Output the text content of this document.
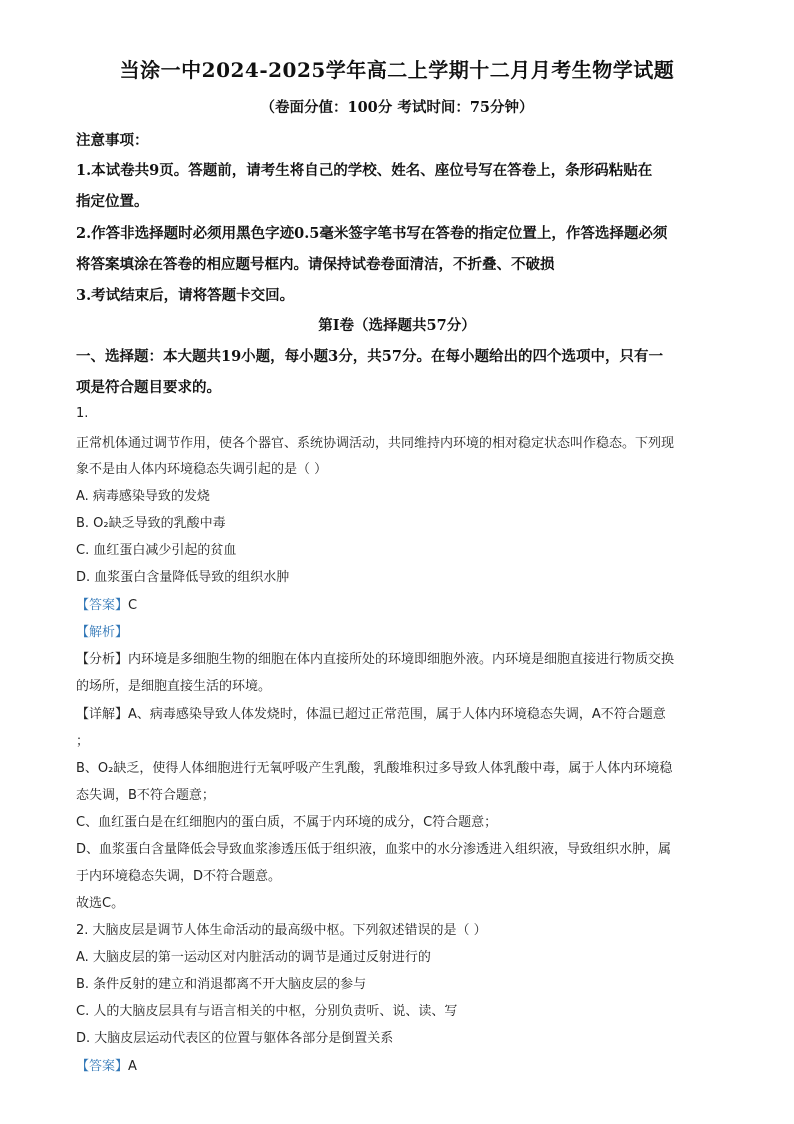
当涂一中2024-2025学年高二上学期十二月月考生物学试题
（卷面分值：100分 考试时间：75分钟）
注意事项：
1.本试卷共9页。答题前，请考生将自己的学校、姓名、座位号写在答卷上，条形码粘贴在
指定位置。
2.作答非选择题时必须用黑色字迹0.5毫米签字笔书写在答卷的指定位置上，作答选择题必须
将答案填涂在答卷的相应题号框内。请保持试卷卷面清洁，不折叠、不破损
3.考试结束后，请将答题卡交回。
第Ⅰ卷（选择题共57分）
一、选择题：本大题共19小题，每小题3分，共57分。在每小题给出的四个选项中，只有一
项是符合题目要求的。
1.
正常机体通过调节作用，使各个器官、系统协调活动，共同维持内环境的相对稳定状态叫作稳态。下列现
象不是由人体内环境稳态失调引起的是（ ）
A. 病毒感染导致的发烧
B. O₂缺乏导致的乳酸中毒
C. 血红蛋白减少引起的贫血
D. 血浆蛋白含量降低导致的组织水肿
【答案】C
【解析】
【分析】内环境是多细胞生物的细胞在体内直接所处的环境即细胞外液。内环境是细胞直接进行物质交换
的场所，是细胞直接生活的环境。
【详解】A、病毒感染导致人体发烧时，体温已超过正常范围，属于人体内环境稳态失调，A不符合题意
；
B、O₂缺乏，使得人体细胞进行无氧呼吸产生乳酸，乳酸堆积过多导致人体乳酸中毒，属于人体内环境稳
态失调，B不符合题意；
C、血红蛋白是在红细胞内的蛋白质，不属于内环境的成分，C符合题意；
D、血浆蛋白含量降低会导致血浆渗透压低于组织液，血浆中的水分渗透进入组织液，导致组织水肿，属
于内环境稳态失调，D不符合题意。
故选C。
2. 大脑皮层是调节人体生命活动的最高级中枢。下列叙述错误的是（ ）
A. 大脑皮层的第一运动区对内脏活动的调节是通过反射进行的
B. 条件反射的建立和消退都离不开大脑皮层的参与
C. 人的大脑皮层具有与语言相关的中枢，分别负责听、说、读、写
D. 大脑皮层运动代表区的位置与躯体各部分是倒置关系
【答案】A
